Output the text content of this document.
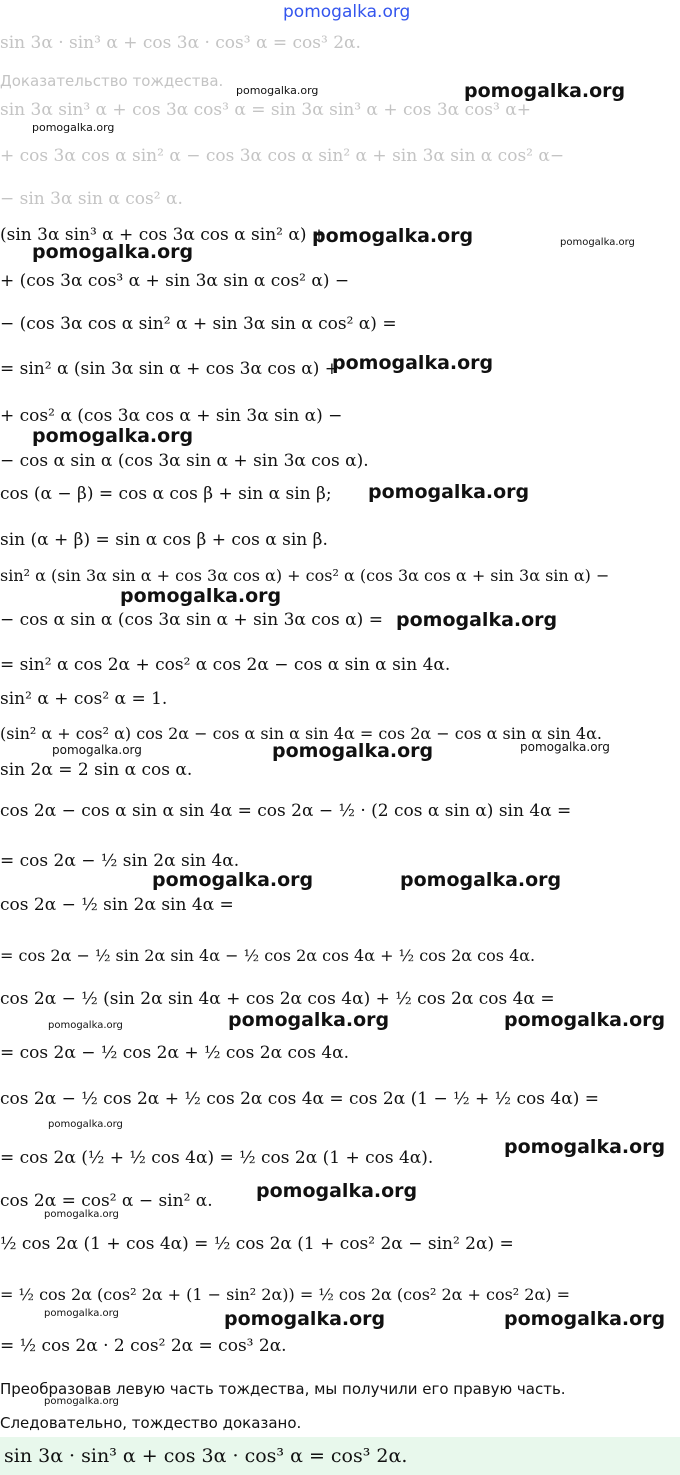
pomogalka.org
sin 3α · sin³ α + cos 3α · cos³ α = cos³ 2α.
Доказательство тождества.
sin 3α sin³ α + cos 3α cos³ α = sin 3α sin³ α + cos 3α cos³ α+
+ cos 3α cos α sin² α − cos 3α cos α sin² α + sin 3α sin α cos² α−
− sin 3α sin α cos² α.
(sin 3α sin³ α + cos 3α cos α sin² α) +
+ (cos 3α cos³ α + sin 3α sin α cos² α) −
− (cos 3α cos α sin² α + sin 3α sin α cos² α) =
= sin² α (sin 3α sin α + cos 3α cos α) +
+ cos² α (cos 3α cos α + sin 3α sin α) −
− cos α sin α (cos 3α sin α + sin 3α cos α).
cos (α − β) = cos α cos β + sin α sin β;
sin (α + β) = sin α cos β + cos α sin β.
sin² α (sin 3α sin α + cos 3α cos α) + cos² α (cos 3α cos α + sin 3α sin α) −
− cos α sin α (cos 3α sin α + sin 3α cos α) =
= sin² α cos 2α + cos² α cos 2α − cos α sin α sin 4α.
sin² α + cos² α = 1.
(sin² α + cos² α) cos 2α − cos α sin α sin 4α = cos 2α − cos α sin α sin 4α.
sin 2α = 2 sin α cos α.
cos 2α − cos α sin α sin 4α = cos 2α − ½ · (2 cos α sin α) sin 4α =
= cos 2α − ½ sin 2α sin 4α.
cos 2α − ½ sin 2α sin 4α =
= cos 2α − ½ sin 2α sin 4α − ½ cos 2α cos 4α + ½ cos 2α cos 4α.
cos 2α − ½ (sin 2α sin 4α + cos 2α cos 4α) + ½ cos 2α cos 4α =
= cos 2α − ½ cos 2α + ½ cos 2α cos 4α.
cos 2α − ½ cos 2α + ½ cos 2α cos 4α = cos 2α (1 − ½ + ½ cos 4α) =
= cos 2α (½ + ½ cos 4α) = ½ cos 2α (1 + cos 4α).
cos 2α = cos² α − sin² α.
½ cos 2α (1 + cos 4α) = ½ cos 2α (1 + cos² 2α − sin² 2α) =
= ½ cos 2α (cos² 2α + (1 − sin² 2α)) = ½ cos 2α (cos² 2α + cos² 2α) =
= ½ cos 2α · 2 cos² 2α = cos³ 2α.
Преобразовав левую часть тождества, мы получили его правую часть.
Следовательно, тождество доказано.
sin 3α · sin³ α + cos 3α · cos³ α = cos³ 2α.
pomogalka.org	pomogalka.org
pomogalka.org
pomogalka.org
pomogalka.org	pomogalka.org
pomogalka.org
pomogalka.org
pomogalka.org
pomogalka.org
pomogalka.org
pomogalka.org	pomogalka.org	pomogalka.org
pomogalka.org	pomogalka.org
pomogalka.org	pomogalka.org	pomogalka.org
pomogalka.org
pomogalka.org
pomogalka.org
pomogalka.org
pomogalka.org	pomogalka.org	pomogalka.org
pomogalka.org
